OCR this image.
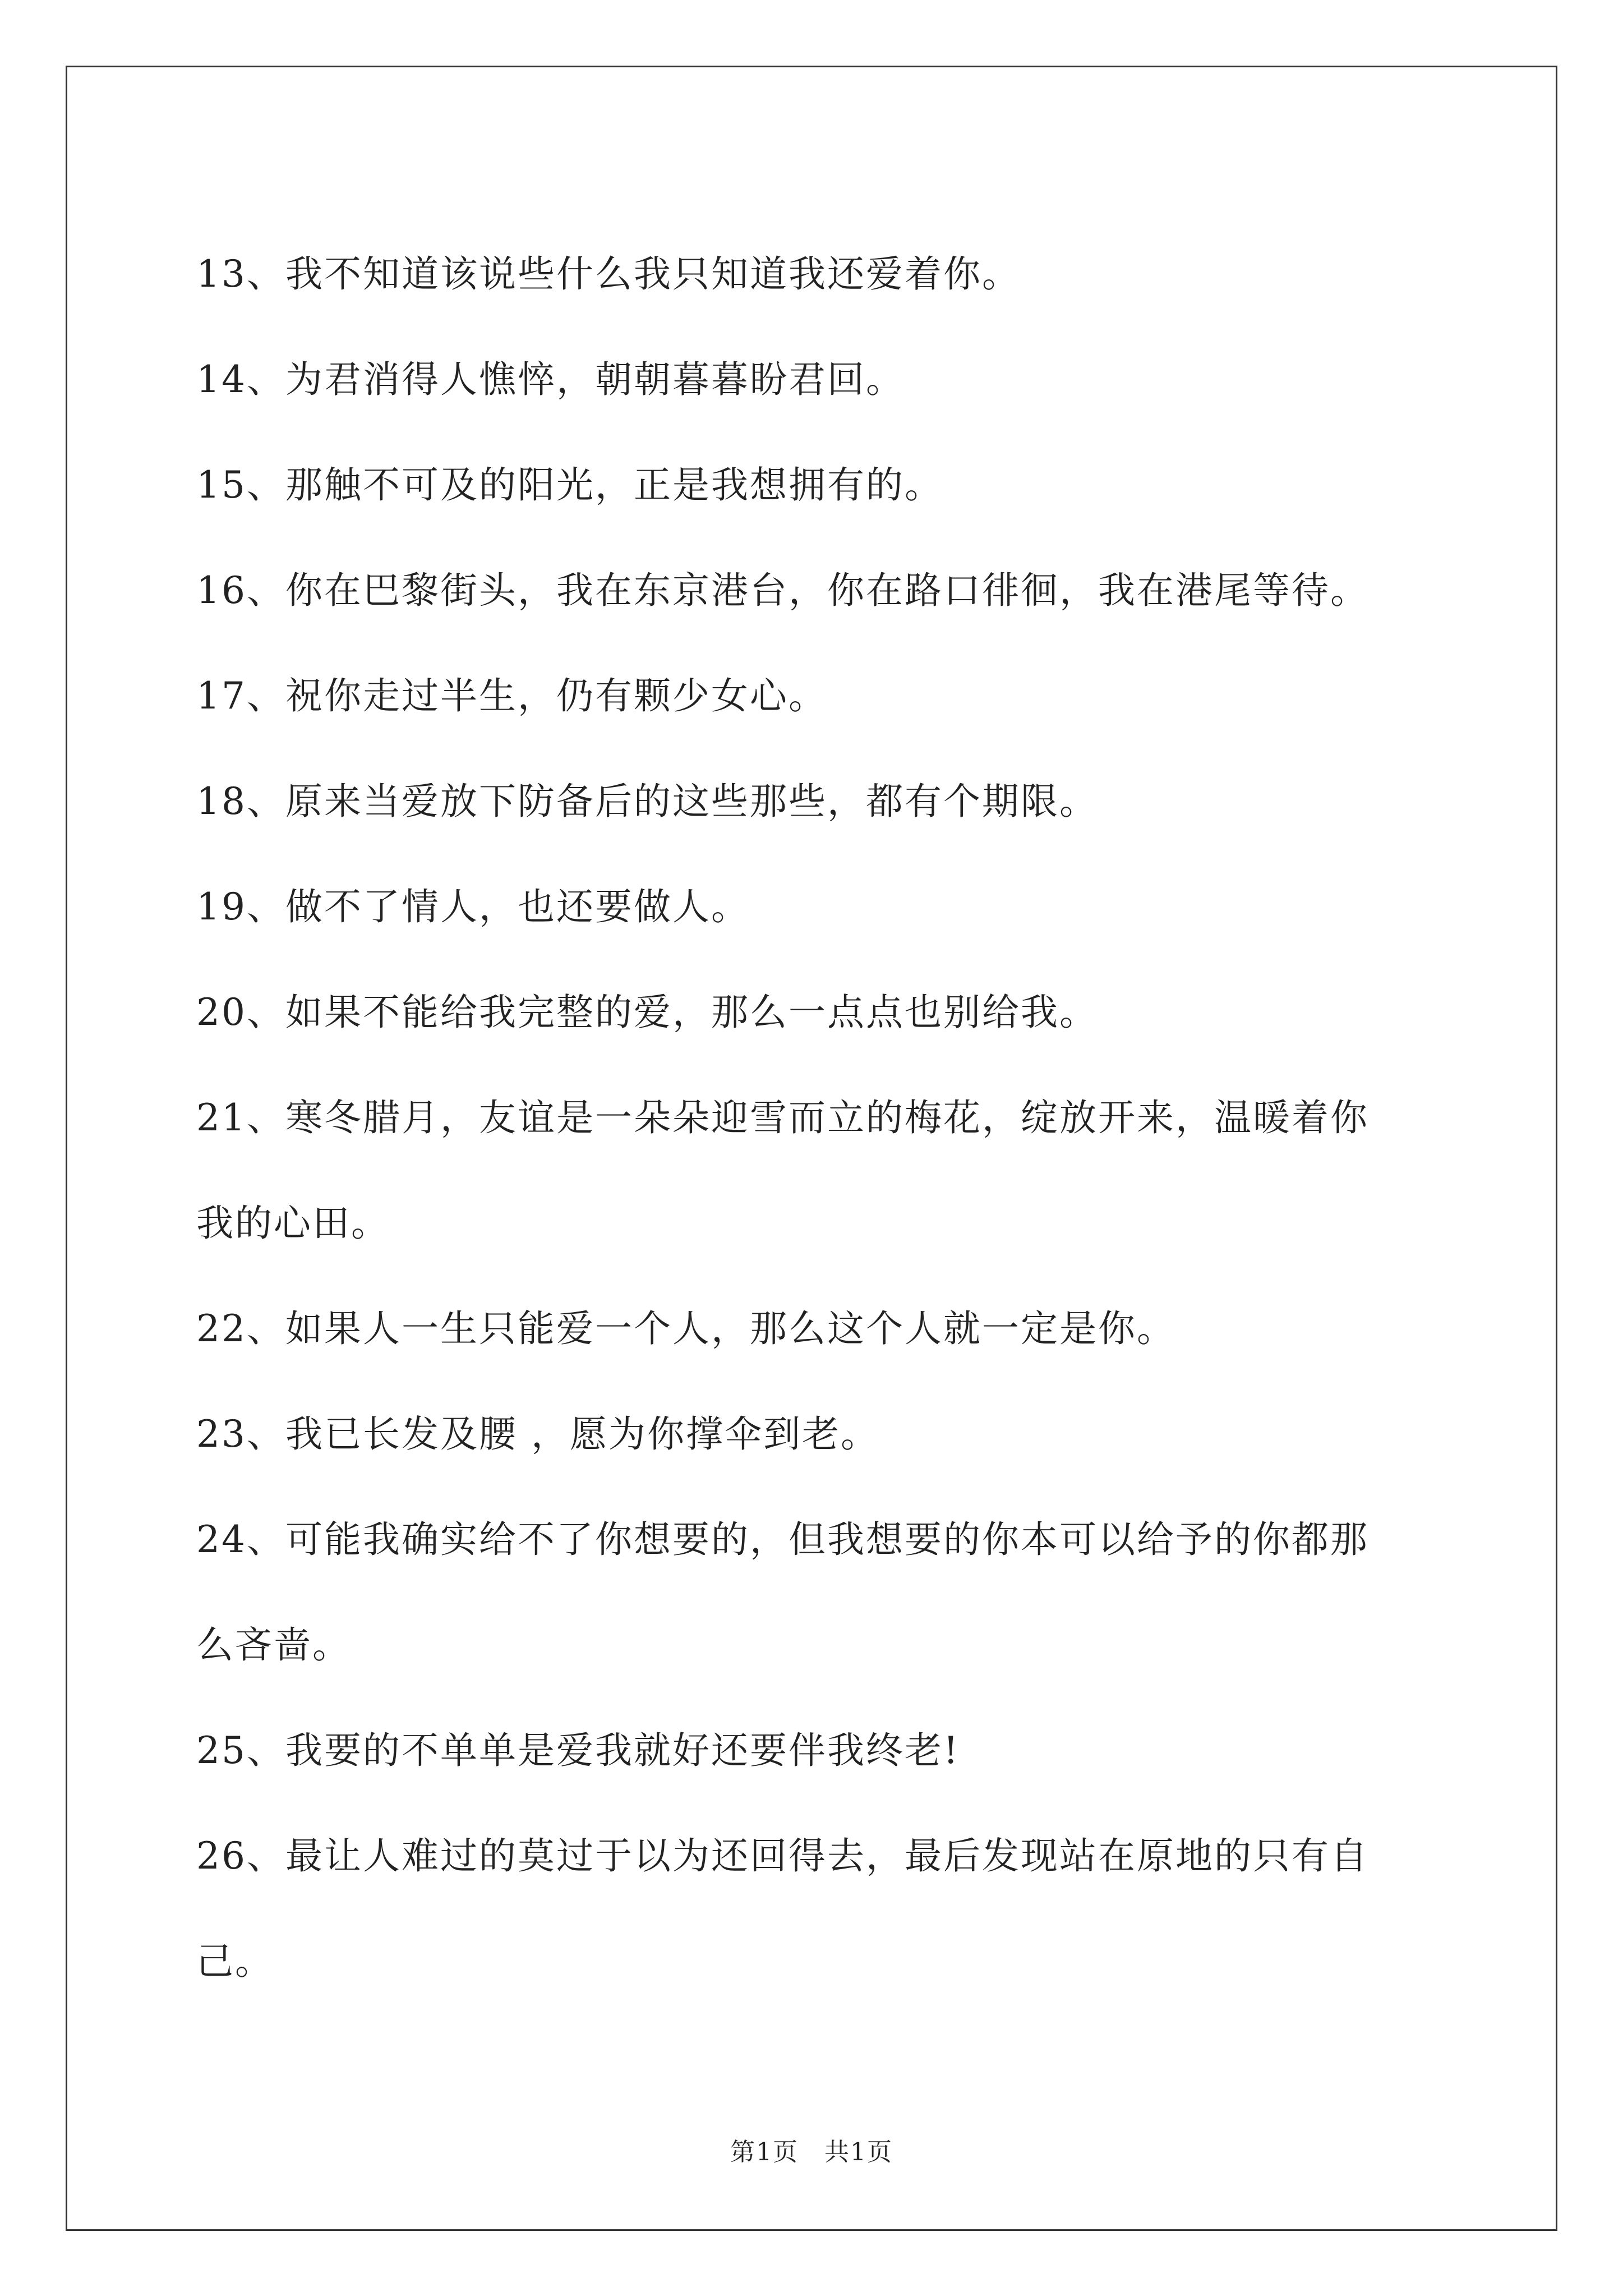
13、我不知道该说些什么我只知道我还爱着你。

14、为君消得人憔悴，朝朝暮暮盼君回。

15、那触不可及的阳光，正是我想拥有的。

16、你在巴黎街头，我在东京港台，你在路口徘徊，我在港尾等待。

17、祝你走过半生，仍有颗少女心。

18、原来当爱放下防备后的这些那些，都有个期限。

19、做不了情人，也还要做人。

20、如果不能给我完整的爱，那么一点点也别给我。

21、寒冬腊月，友谊是一朵朵迎雪而立的梅花，绽放开来，温暖着你

我的心田。

22、如果人一生只能爱一个人，那么这个人就一定是你。

23、我已长发及腰 ，愿为你撑伞到老。

24、可能我确实给不了你想要的，但我想要的你本可以给予的你都那

么吝啬。

25、我要的不单单是爱我就好还要伴我终老!

26、最让人难过的莫过于以为还回得去，最后发现站在原地的只有自

己。

第1页　共1页
